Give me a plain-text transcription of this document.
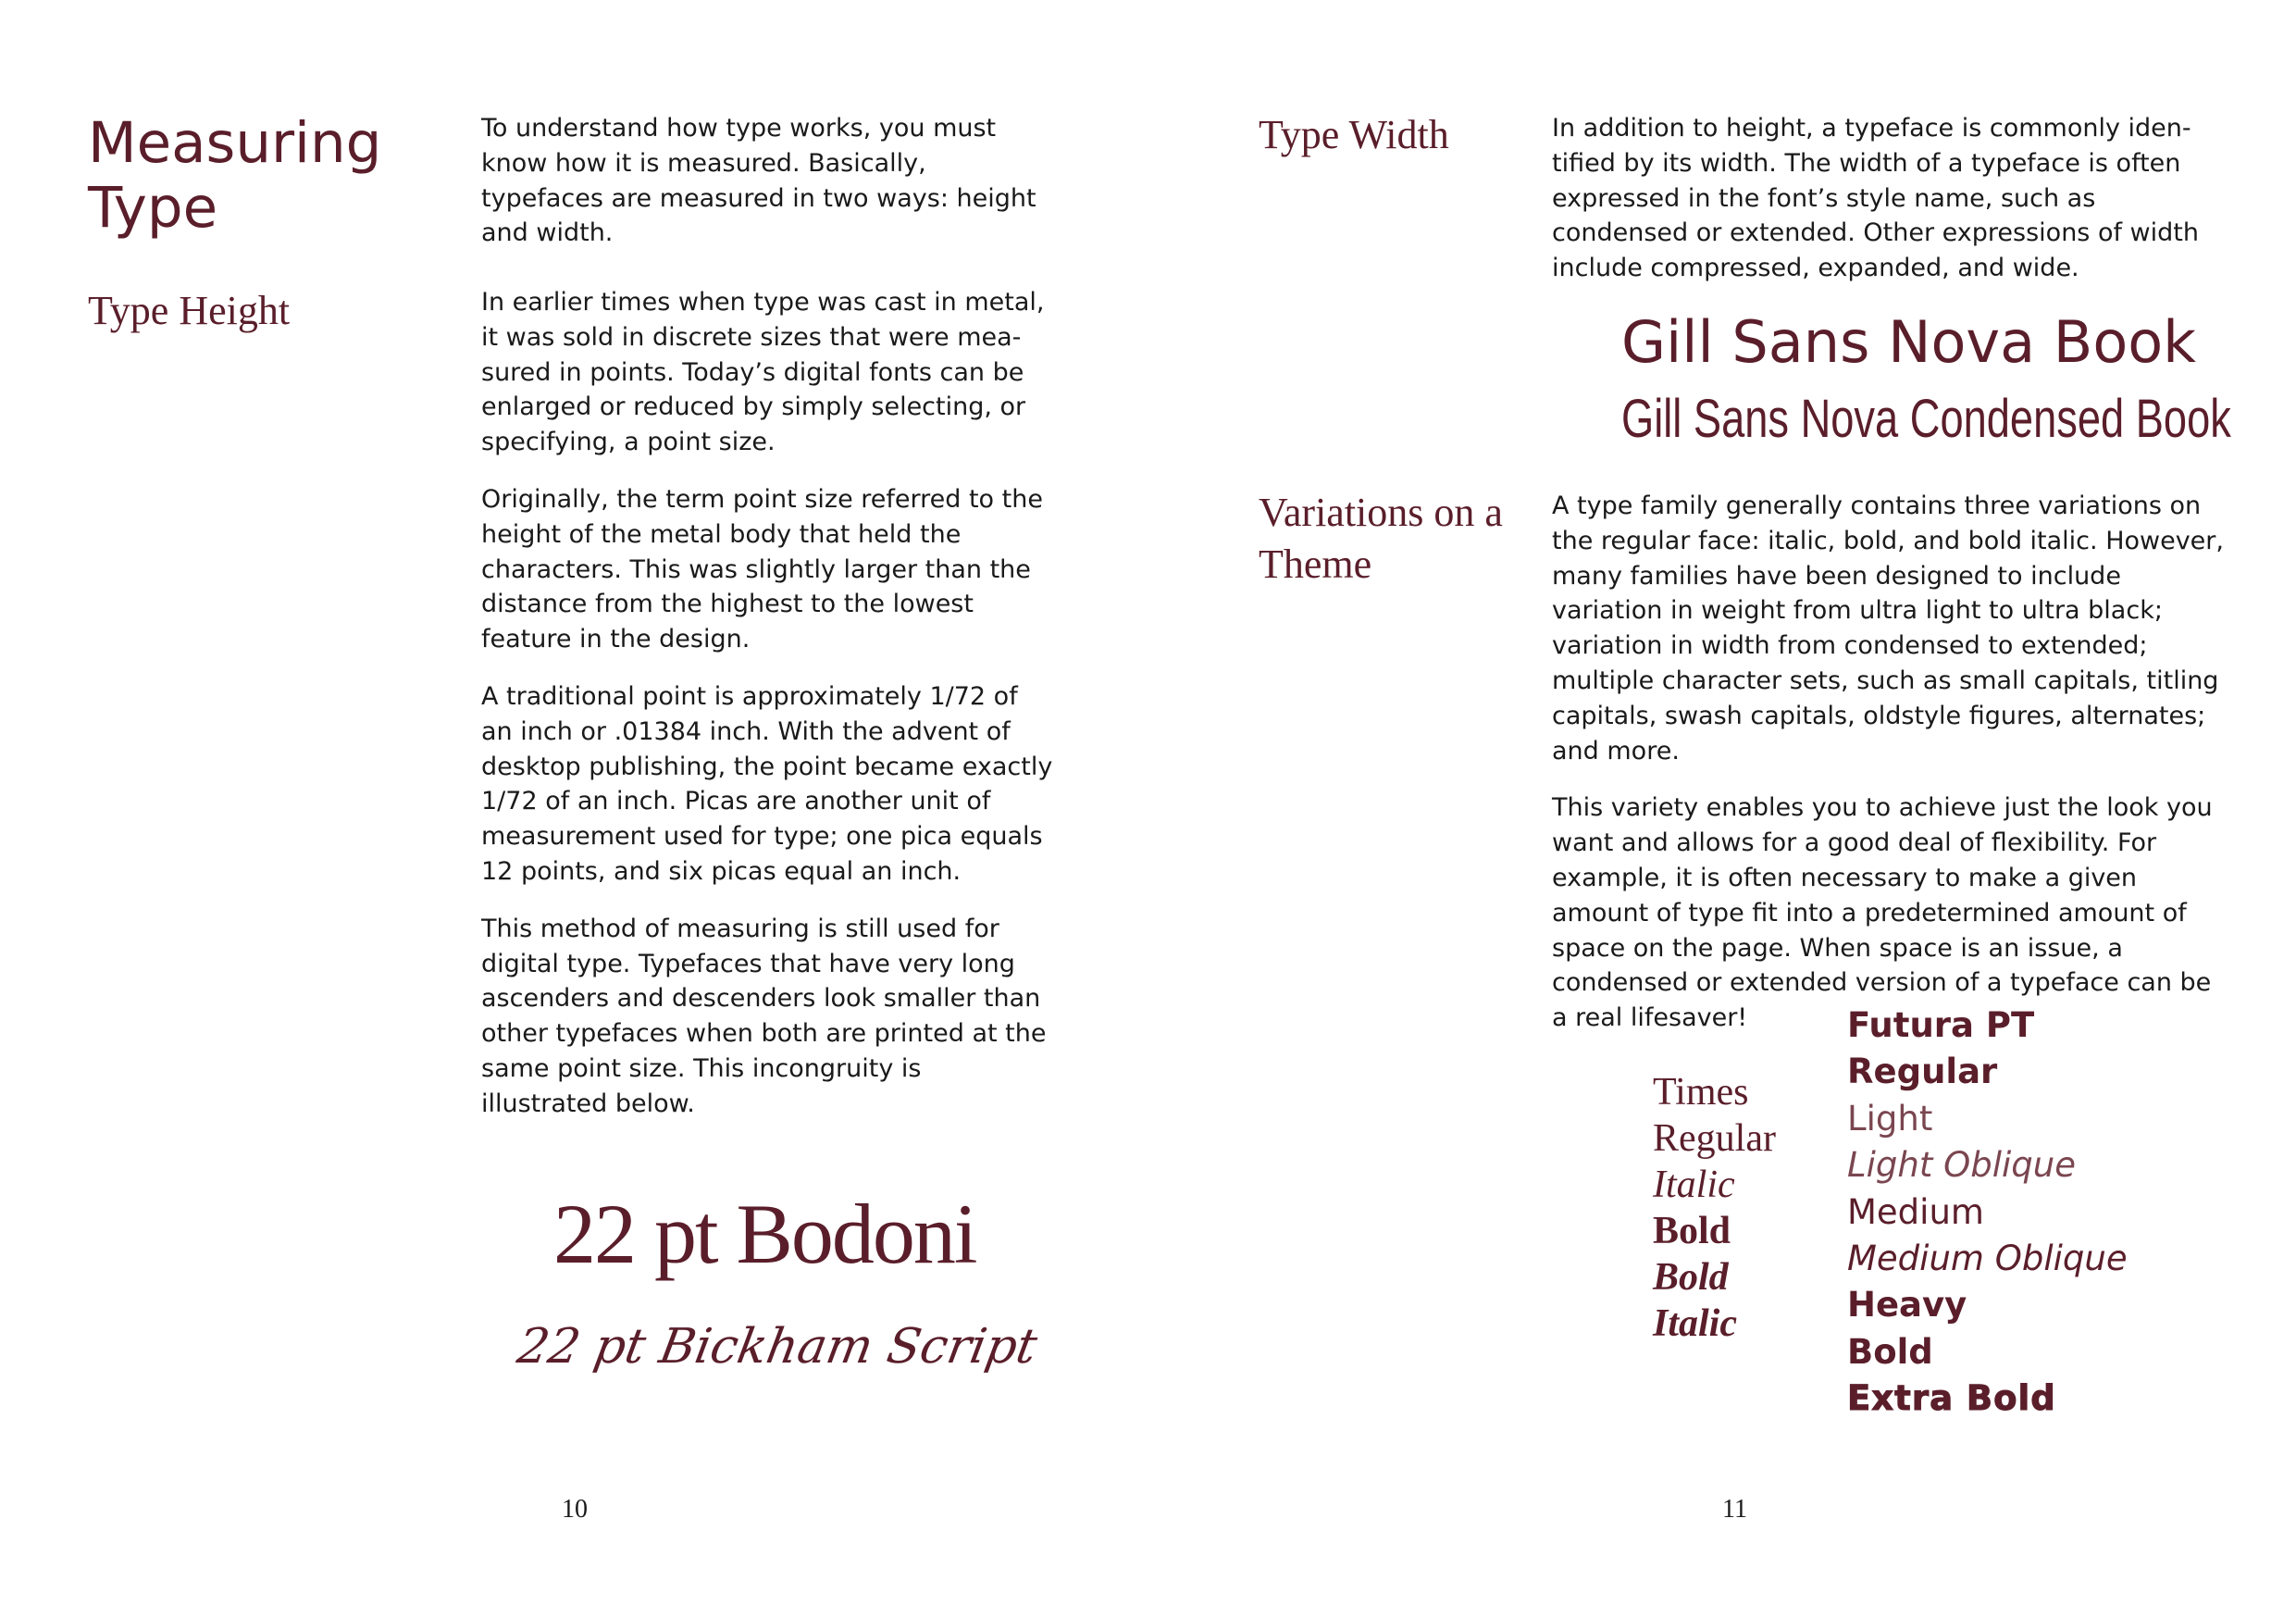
Measuring Type
Type Height

To understand how type works, you must know how it is measured. Basically, typefaces are measured in two ways: height and width.

In earlier times when type was cast in metal, it was sold in discrete sizes that were measured in points. Today’s digital fonts can be enlarged or reduced by simply selecting, or specifying, a point size.

Originally, the term point size referred to the height of the metal body that held the characters. This was slightly larger than the distance from the highest to the lowest feature in the design.

A traditional point is approximately 1/72 of an inch or .01384 inch. With the advent of desktop publishing, the point became exactly 1/72 of an inch. Picas are another unit of measurement used for type; one pica equals 12 points, and six picas equal an inch.

This method of measuring is still used for digital type. Typefaces that have very long ascenders and descenders look smaller than other typefaces when both are printed at the same point size. This incongruity is illustrated below.

22 pt Bodoni
22 pt Bickham Script
10
Type Width	In addition to height, a typeface is commonly identified by its width. The width of a typeface is often expressed in the font’s style name, such as condensed or extended. Other expressions of width include compressed, expanded, and wide.

Gill Sans Nova Book
Gill Sans Nova Condensed Book
Variations on a Theme

A type family generally contains three variations on the regular face: italic, bold, and bold italic. However, many families have been designed to include variation in weight from ultra light to ultra black; variation in width from condensed to extended; multiple character sets, such as small capitals, titling capitals, swash capitals, oldstyle figures, alternates; and more.

This variety enables you to achieve just the look you want and allows for a good deal of flexibility. For example, it is often necessary to make a given amount of type fit into a predetermined amount of space on the page. When space is an issue, a condensed or extended version of a typeface can be a real lifesaver!

Times
Regular
Italic
Bold
Bold
Italic
Futura PT
Regular
Light
Light Oblique
Medium
Medium Oblique
Heavy
Bold
Extra Bold
11
